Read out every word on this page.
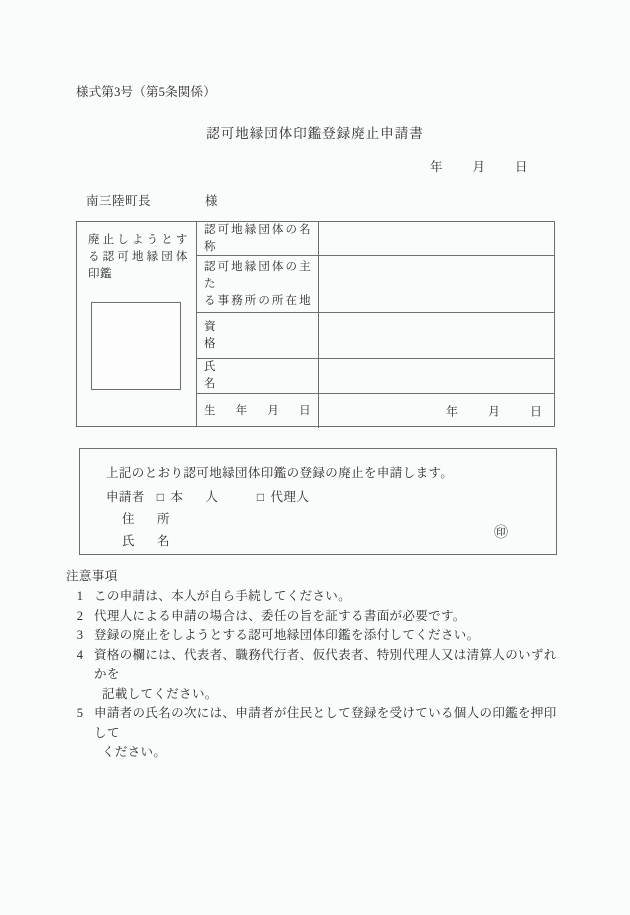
様式第3号（第5条関係）
認可地縁団体印鑑登録廃止申請書
年 月 日
南三陸町長	様
廃止しようとす
る認可地縁団体
印鑑
認可地縁団体の名称
認可地縁団体の主た
る事務所の所在地
資　　　　　　　格
氏　　　　　　　名
生　年　月　日	年	月	日
上記のとおり認可地縁団体印鑑の登録の廃止を申請します。
申請者 □ 本　人	□ 代理人
住　所
氏　名	㊞
注意事項
1 この申請は、本人が自ら手続してください。
2 代理人による申請の場合は、委任の旨を証する書面が必要です。
3 登録の廃止をしようとする認可地縁団体印鑑を添付してください。
4 資格の欄には、代表者、職務代行者、仮代表者、特別代理人又は清算人のいずれかを
記載してください。
5 申請者の氏名の次には、申請者が住民として登録を受けている個人の印鑑を押印して
ください。
